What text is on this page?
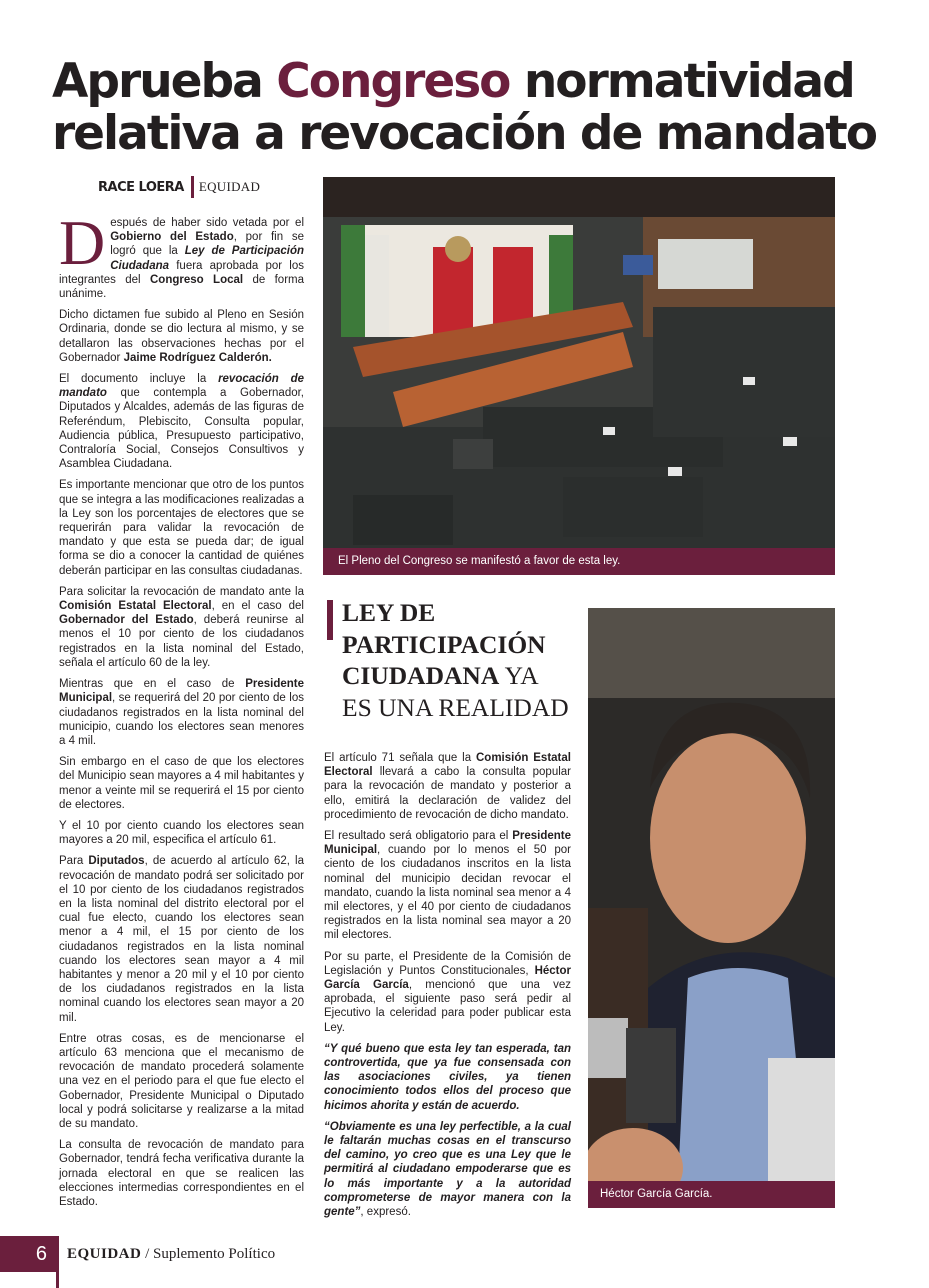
Aprueba Congreso normatividad relativa a revocación de mandato
RACE LOERA EQUIDAD

Después de haber sido vetada por el Gobierno del Estado, por fin se logró que la Ley de Participación Ciudadana fuera aprobada por los integrantes del Congreso Local de forma unánime.

Dicho dictamen fue subido al Pleno en Sesión Ordinaria, donde se dio lectura al mismo, y se detallaron las observaciones hechas por el Gobernador Jaime Rodríguez Calderón.

El documento incluye la revocación de mandato que contempla a Gobernador, Diputados y Alcaldes, además de las figuras de Referéndum, Plebiscito, Consulta popular, Audiencia pública, Presupuesto participativo, Contraloría Social, Consejos Consultivos y Asamblea Ciudadana.

Es importante mencionar que otro de los puntos que se integra a las modificaciones realizadas a la Ley son los porcentajes de electores que se requerirán para validar la revocación de mandato y que esta se pueda dar; de igual forma se dio a conocer la cantidad de quiénes deberán participar en las consultas ciudadanas.

Para solicitar la revocación de mandato ante la Comisión Estatal Electoral, en el caso del Gobernador del Estado, deberá reunirse al menos el 10 por ciento de los ciudadanos registrados en la lista nominal del Estado, señala el artículo 60 de la ley.

Mientras que en el caso de Presidente Municipal, se requerirá del 20 por ciento de los ciudadanos registrados en la lista nominal del municipio, cuando los electores sean menores a 4 mil.

Sin embargo en el caso de que los electores del Municipio sean mayores a 4 mil habitantes y menor a veinte mil se requerirá el 15 por ciento de electores.

Y el 10 por ciento cuando los electores sean mayores a 20 mil, especifica el artículo 61.

Para Diputados, de acuerdo al artículo 62, la revocación de mandato podrá ser solicitado por el 10 por ciento de los ciudadanos registrados en la lista nominal del distrito electoral por el cual fue electo, cuando los electores sean menor a 4 mil, el 15 por ciento de los ciudadanos registrados en la lista nominal cuando los electores sean mayor a 4 mil habitantes y menor a 20 mil y el 10 por ciento de los ciudadanos registrados en la lista nominal cuando los electores sean mayor a 20 mil.

Entre otras cosas, es de mencionarse el artículo 63 menciona que el mecanismo de revocación de mandato procederá solamente una vez en el periodo para el que fue electo el Gobernador, Presidente Municipal o Diputado local y podrá solicitarse y realizarse a la mitad de su mandato.

La consulta de revocación de mandato para Gobernador, tendrá fecha verificativa durante la jornada electoral en que se realicen las elecciones intermedias correspondientes en el Estado.

El Pleno del Congreso se manifestó a favor de esta ley.
LEY DE
PARTICIPACIÓN
CIUDADANA YA
ES UNA REALIDAD

El artículo 71 señala que la Comisión Estatal Electoral llevará a cabo la consulta popular para la revocación de mandato y posterior a ello, emitirá la declaración de validez del procedimiento de revocación de dicho mandato.

El resultado será obligatorio para el Presidente Municipal, cuando por lo menos el 50 por ciento de los ciudadanos inscritos en la lista nominal del municipio decidan revocar el mandato, cuando la lista nominal sea menor a 4 mil electores, y el 40 por ciento de ciudadanos registrados en la lista nominal sea mayor a 20 mil electores.

Por su parte, el Presidente de la Comisión de Legislación y Puntos Constitucionales, Héctor García García, mencionó que una vez aprobada, el siguiente paso será pedir al Ejecutivo la celeridad para poder publicar esta Ley.

“Y qué bueno que esta ley tan esperada, tan controvertida, que ya fue consensada con las asociaciones civiles, ya tienen conocimiento todos ellos del proceso que hicimos ahorita y están de acuerdo.

“Obviamente es una ley perfectible, a la cual le faltarán muchas cosas en el transcurso del camino, yo creo que es una Ley que le permitirá al ciudadano empoderarse que es lo más importante y a la autoridad comprometerse de mayor manera con la gente”, expresó.

Héctor García García.
6	EQUIDAD / Suplemento Político
